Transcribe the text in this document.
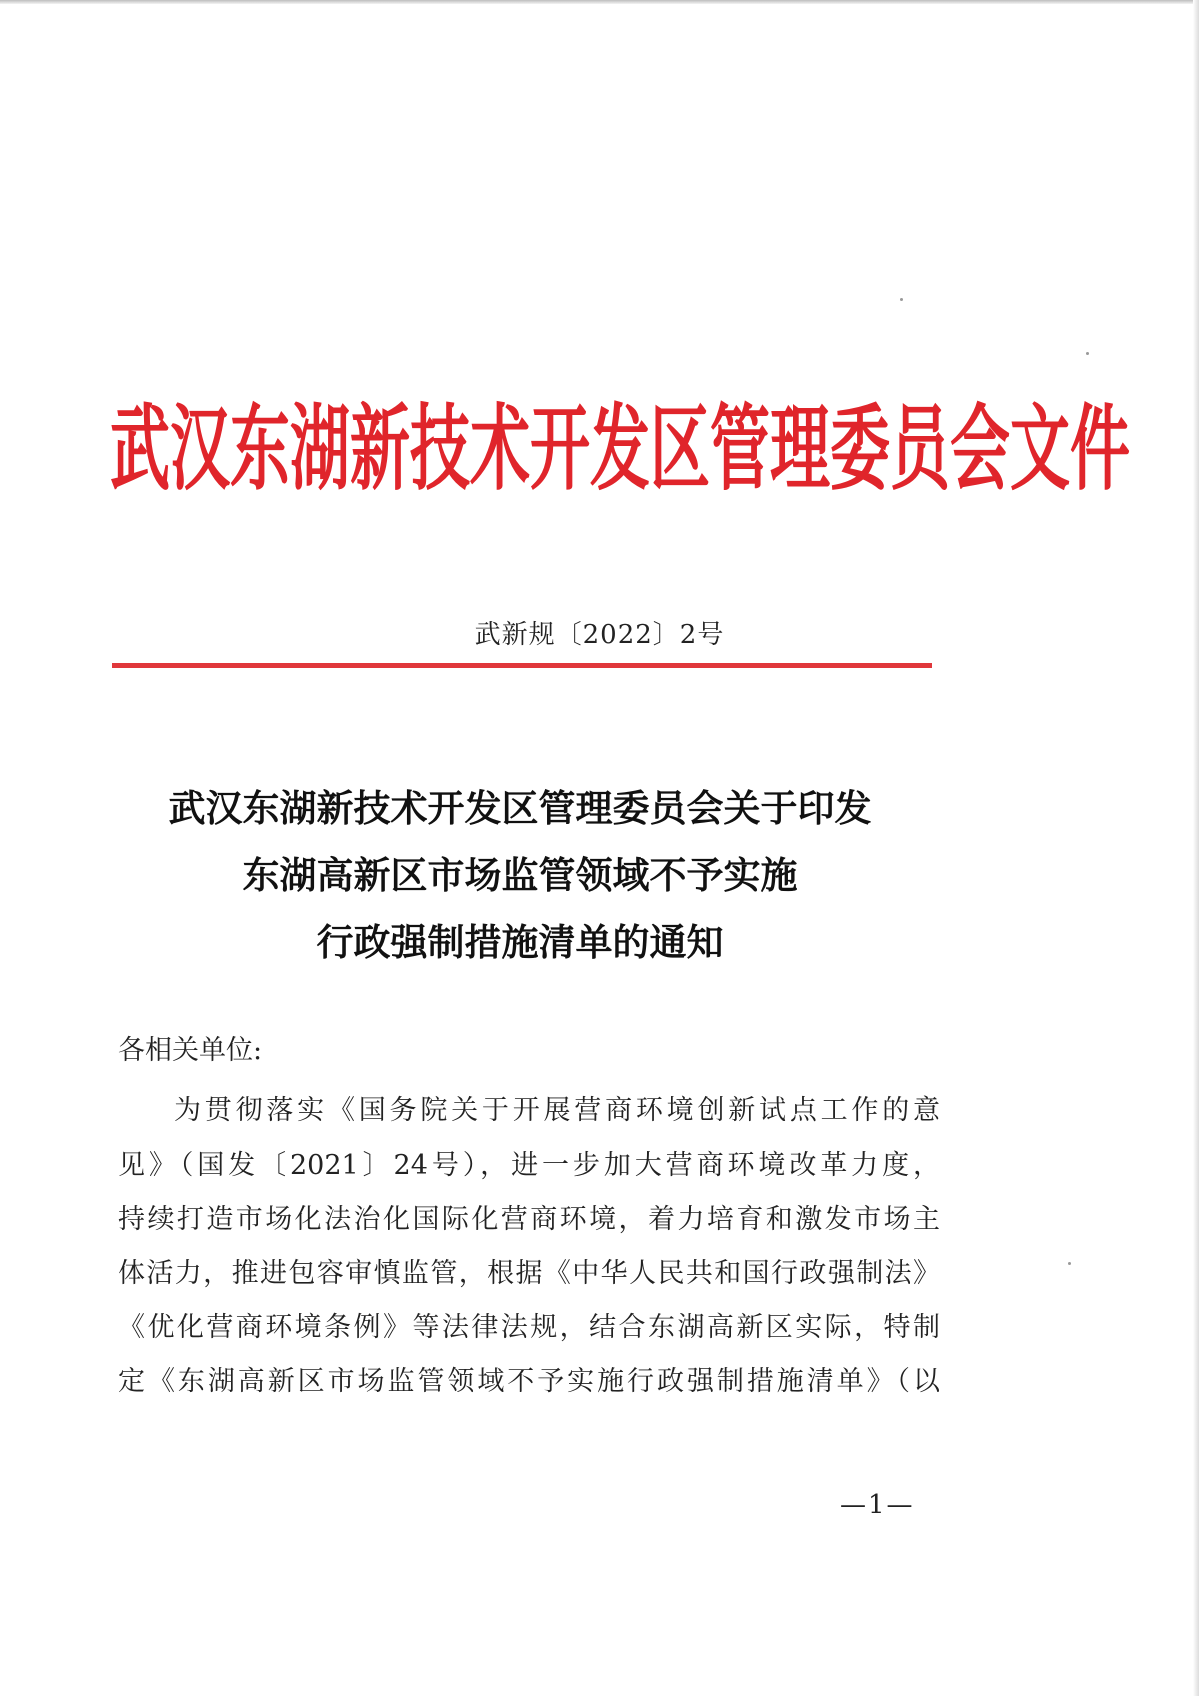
武汉东湖新技术开发区管理委员会文件
武新规〔2022〕2号
武汉东湖新技术开发区管理委员会关于印发
东湖高新区市场监管领域不予实施
行政强制措施清单的通知
各相关单位:
为贯彻落实《国务院关于开展营商环境创新试点工作的意
见》（国发〔2021〕24号），进一步加大营商环境改革力度，
持续打造市场化法治化国际化营商环境，着力培育和激发市场主
体活力，推进包容审慎监管，根据《中华人民共和国行政强制法》
《优化营商环境条例》等法律法规，结合东湖高新区实际，特制
定《东湖高新区市场监管领域不予实施行政强制措施清单》（以
—1—
